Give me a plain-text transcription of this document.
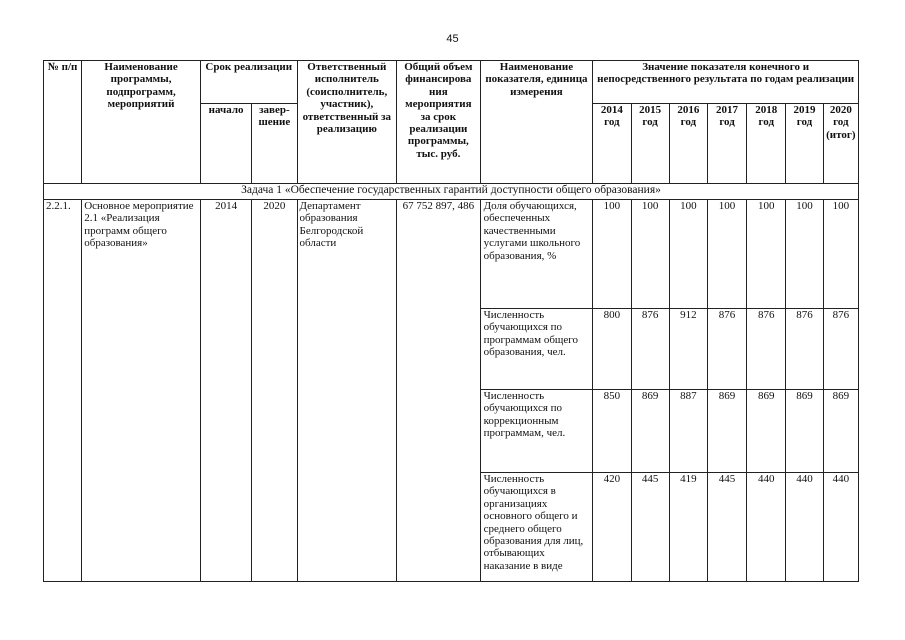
45
№ п/п	Наименование программы, подпрограмм, мероприятий	Срок реализации		Ответственный исполнитель (соисполнитель, участник), ответственный за реализацию	Общий объем финансирова ния мероприятия за срок реализации программы, тыс. руб.	Наименование показателя, единица измерения	Значение показателя конечного и непосредственного результата по годам реализации						
		начало	завер-шение				2014 год	2015 год	2016 год	2017 год	2018 год	2019 год	2020 год (итог)
Задача 1 «Обеспечение государственных гарантий доступности общего образования»													
2.2.1.	Основное мероприятие 2.1 «Реализация программ общего образования»	2014	2020	Департамент образования Белгородской области	67 752 897, 486	Доля обучающихся, обеспеченных качественными услугами школьного образования, %	100	100	100	100	100	100	100
						Численность обучающихся по программам общего образования, чел.	800	876	912	876	876	876	876
						Численность обучающихся по коррекционным программам, чел.	850	869	887	869	869	869	869
						Численность обучающихся в организациях основного общего и среднего общего образования для лиц, отбывающих наказание в виде	420	445	419	445	440	440	440
